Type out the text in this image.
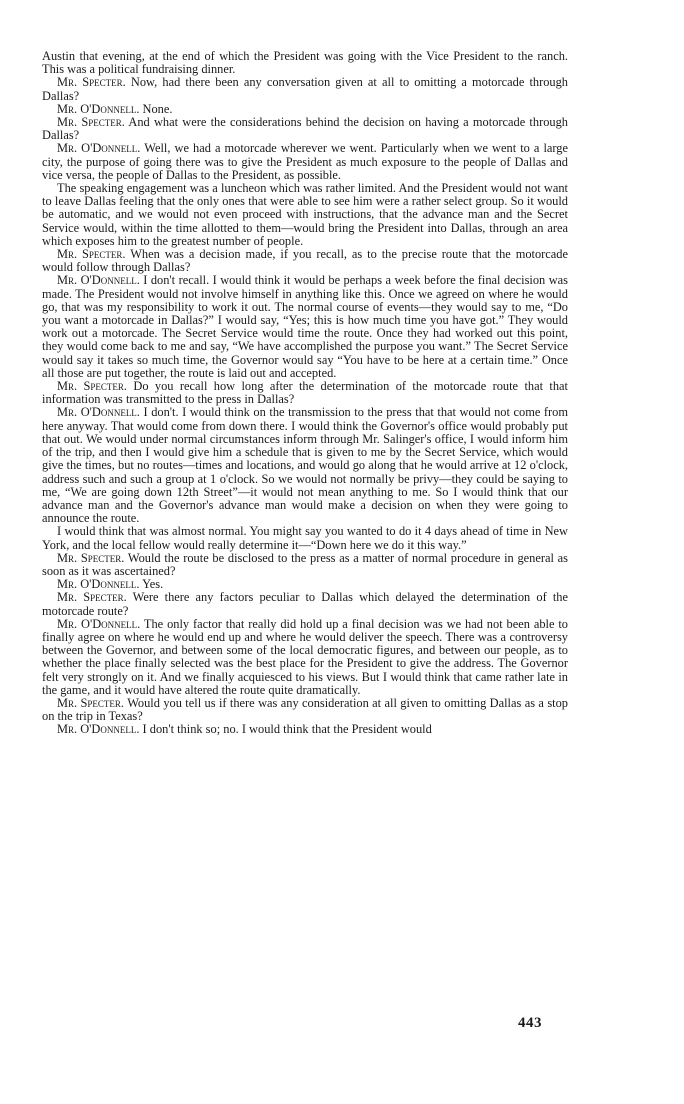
Austin that evening, at the end of which the President was going with the Vice President to the ranch. This was a political fundraising dinner.

Mr. Specter. Now, had there been any conversation given at all to omitting a motorcade through Dallas?

Mr. O'Donnell. None.

Mr. Specter. And what were the considerations behind the decision on having a motorcade through Dallas?

Mr. O'Donnell. Well, we had a motorcade wherever we went. Particularly when we went to a large city, the purpose of going there was to give the President as much exposure to the people of Dallas and vice versa, the people of Dallas to the President, as possible.

The speaking engagement was a luncheon which was rather limited. And the President would not want to leave Dallas feeling that the only ones that were able to see him were a rather select group. So it would be automatic, and we would not even proceed with instructions, that the advance man and the Secret Service would, within the time allotted to them—would bring the President into Dallas, through an area which exposes him to the greatest number of people.

Mr. Specter. When was a decision made, if you recall, as to the precise route that the motorcade would follow through Dallas?

Mr. O'Donnell. I don't recall. I would think it would be perhaps a week before the final decision was made. The President would not involve himself in anything like this. Once we agreed on where he would go, that was my responsibility to work it out. The normal course of events—they would say to me, “Do you want a motorcade in Dallas?” I would say, “Yes; this is how much time you have got.” They would work out a motorcade. The Secret Service would time the route. Once they had worked out this point, they would come back to me and say, “We have accomplished the purpose you want.” The Secret Service would say it takes so much time, the Governor would say “You have to be here at a certain time.” Once all those are put together, the route is laid out and accepted.

Mr. Specter. Do you recall how long after the determination of the motorcade route that that information was transmitted to the press in Dallas?

Mr. O'Donnell. I don't. I would think on the transmission to the press that that would not come from here anyway. That would come from down there. I would think the Governor's office would probably put that out. We would under normal circumstances inform through Mr. Salinger's office, I would inform him of the trip, and then I would give him a schedule that is given to me by the Secret Service, which would give the times, but no routes—times and locations, and would go along that he would arrive at 12 o'clock, address such and such a group at 1 o'clock. So we would not normally be privy—they could be saying to me, “We are going down 12th Street”—it would not mean anything to me. So I would think that our advance man and the Governor's advance man would make a decision on when they were going to announce the route.

I would think that was almost normal. You might say you wanted to do it 4 days ahead of time in New York, and the local fellow would really determine it—“Down here we do it this way.”

Mr. Specter. Would the route be disclosed to the press as a matter of normal procedure in general as soon as it was ascertained?

Mr. O'Donnell. Yes.

Mr. Specter. Were there any factors peculiar to Dallas which delayed the determination of the motorcade route?

Mr. O'Donnell. The only factor that really did hold up a final decision was we had not been able to finally agree on where he would end up and where he would deliver the speech. There was a controversy between the Governor, and between some of the local democratic figures, and between our people, as to whether the place finally selected was the best place for the President to give the address. The Governor felt very strongly on it. And we finally acquiesced to his views. But I would think that came rather late in the game, and it would have altered the route quite dramatically.

Mr. Specter. Would you tell us if there was any consideration at all given to omitting Dallas as a stop on the trip in Texas?

Mr. O'Donnell. I don't think so; no. I would think that the President would

443
